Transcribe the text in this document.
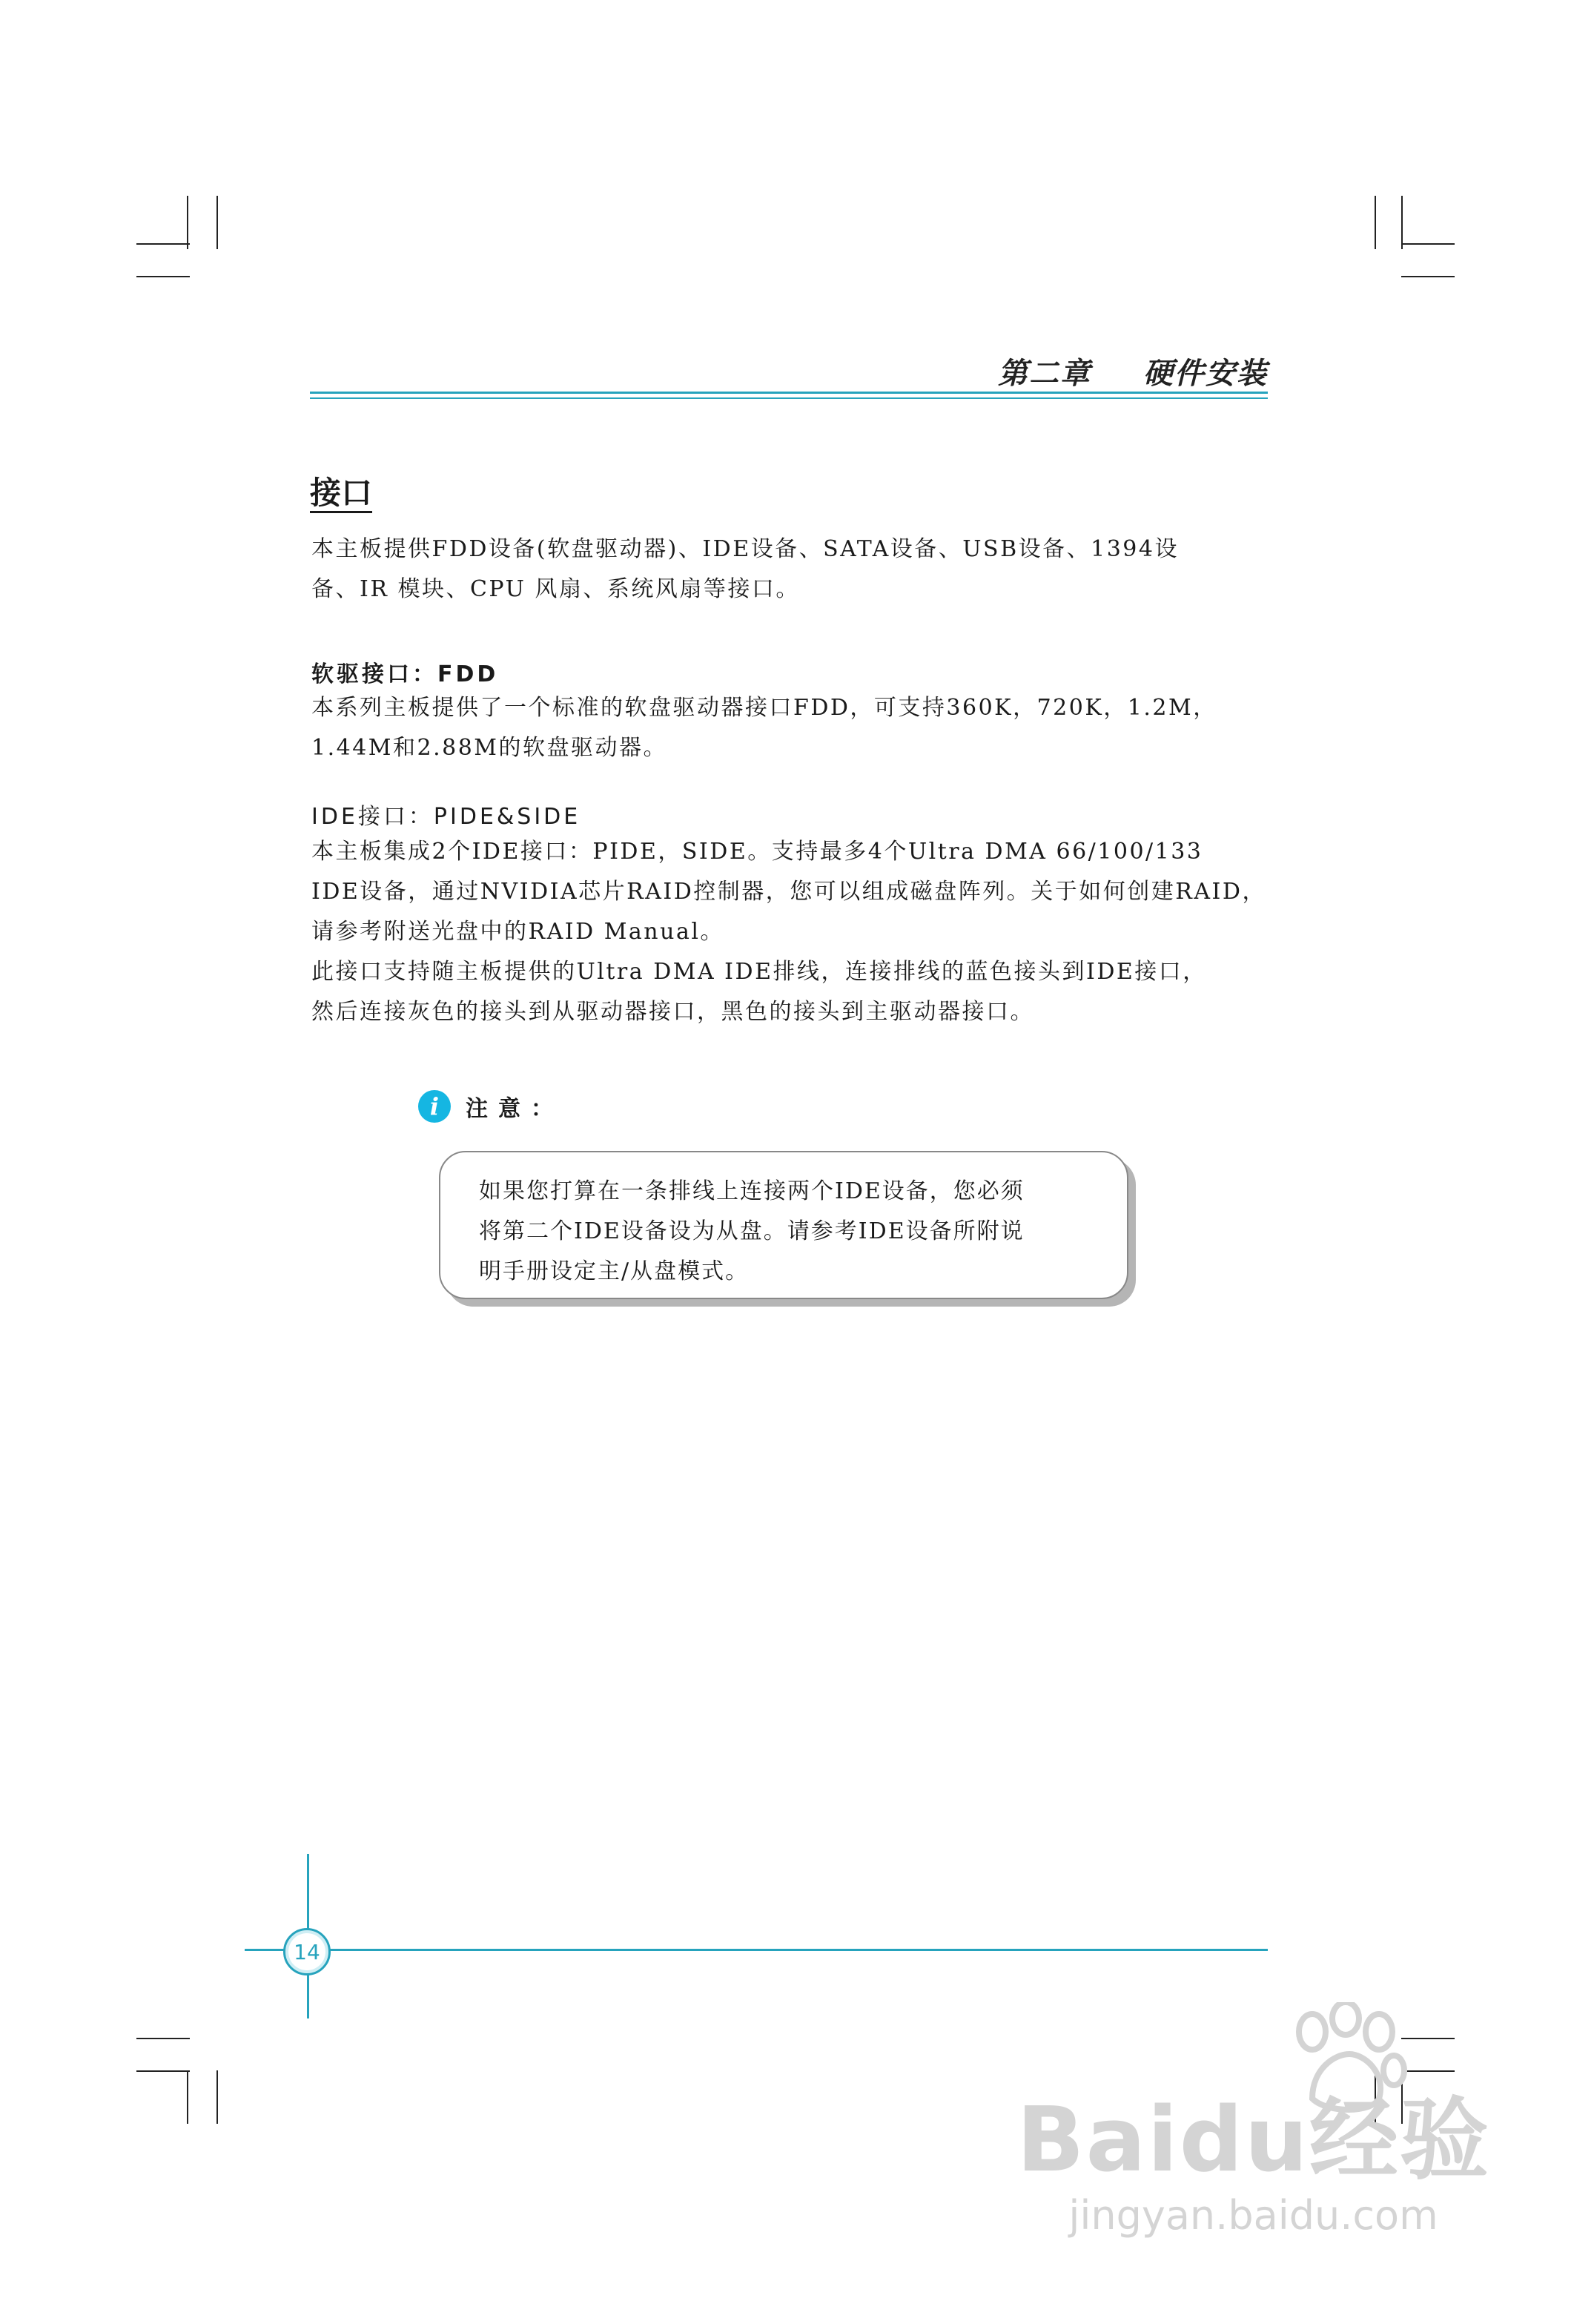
第二章 硬件安装
接口
本主板提供FDD设备(软盘驱动器)、IDE设备、SATA设备、USB设备、1394设
备、IR 模块、CPU 风扇、系统风扇等接口。
软驱接口：FDD
本系列主板提供了一个标准的软盘驱动器接口FDD，可支持360K，720K，1.2M，
1.44M和2.88M的软盘驱动器。
IDE接口：PIDE&SIDE
本主板集成2个IDE接口：PIDE，SIDE。支持最多4个Ultra DMA 66/100/133
IDE设备，通过NVIDIA芯片RAID控制器，您可以组成磁盘阵列。关于如何创建RAID，
请参考附送光盘中的RAID Manual。
此接口支持随主板提供的Ultra DMA IDE排线，连接排线的蓝色接头到IDE接口，
然后连接灰色的接头到从驱动器接口，黑色的接头到主驱动器接口。
i	注意：
如果您打算在一条排线上连接两个IDE设备，您必须
将第二个IDE设备设为从盘。请参考IDE设备所附说
明手册设定主/从盘模式。
14
Baidu经验
jingyan.baidu.com
